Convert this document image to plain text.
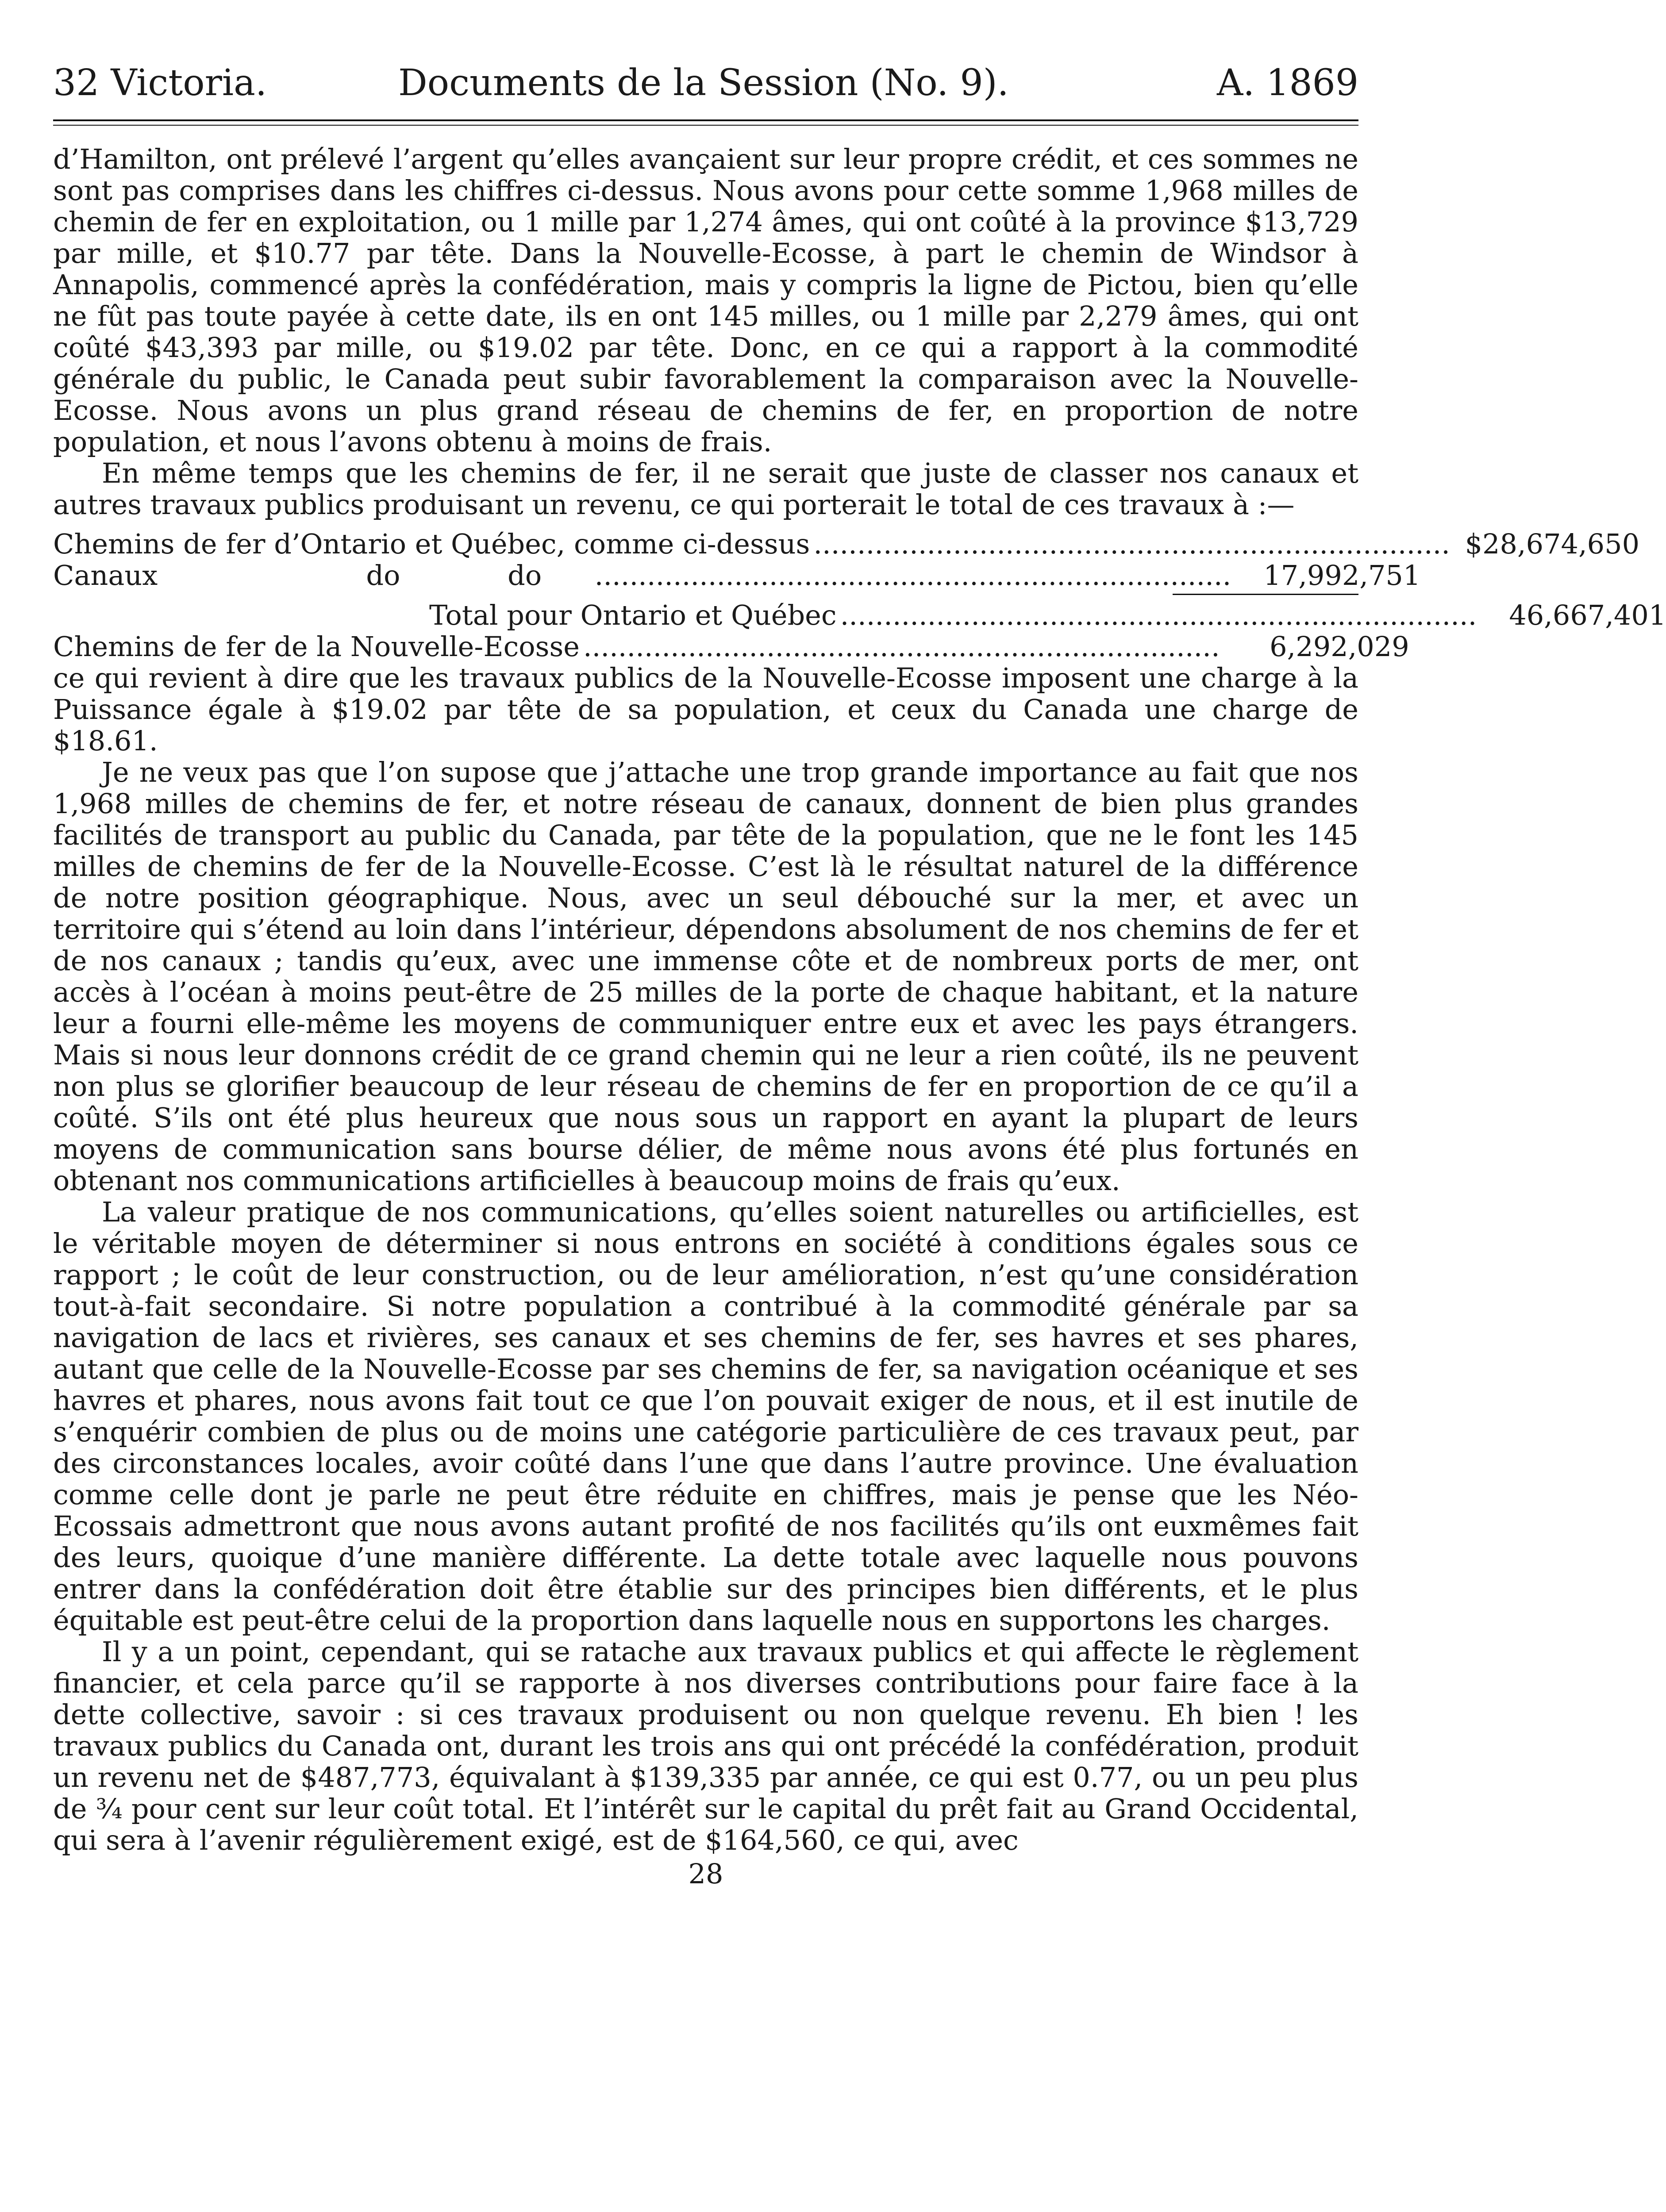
32 Victoria.	Documents de la Session (No. 9).	A. 1869

d’Hamilton, ont prélevé l’argent qu’elles avançaient sur leur propre crédit, et ces sommes ne sont pas comprises dans les chiffres ci-dessus. Nous avons pour cette somme 1,968 milles de chemin de fer en exploitation, ou 1 mille par 1,274 âmes, qui ont coûté à la province $13,729 par mille, et $10.77 par tête. Dans la Nouvelle-Ecosse, à part le chemin de Windsor à Annapolis, commencé après la confédération, mais y compris la ligne de Pictou, bien qu’elle ne fût pas toute payée à cette date, ils en ont 145 milles, ou 1 mille par 2,279 âmes, qui ont coûté $43,393 par mille, ou $19.02 par tête. Donc, en ce qui a rapport à la commodité générale du public, le Canada peut subir favorablement la comparaison avec la Nouvelle-Ecosse. Nous avons un plus grand réseau de chemins de fer, en proportion de notre population, et nous l’avons obtenu à moins de frais.

En même temps que les chemins de fer, il ne serait que juste de classer nos canaux et autres travaux publics produisant un revenu, ce qui porterait le total de ces travaux à :—

Chemins de fer d’Ontario et Québec, comme ci-dessus ......................................................................... $28,674,650
Canaux	do	do	.........................................................................	17,992,751
Total pour Ontario et Québec .........................................................................	46,667,401
Chemins de fer de la Nouvelle-Ecosse .........................................................................	6,292,029

ce qui revient à dire que les travaux publics de la Nouvelle-Ecosse imposent une charge à la Puissance égale à $19.02 par tête de sa population, et ceux du Canada une charge de $18.61.

Je ne veux pas que l’on supose que j’attache une trop grande importance au fait que nos 1,968 milles de chemins de fer, et notre réseau de canaux, donnent de bien plus grandes facilités de transport au public du Canada, par tête de la population, que ne le font les 145 milles de chemins de fer de la Nouvelle-Ecosse. C’est là le résultat naturel de la différence de notre position géographique. Nous, avec un seul débouché sur la mer, et avec un territoire qui s’étend au loin dans l’intérieur, dépendons absolument de nos chemins de fer et de nos canaux ; tandis qu’eux, avec une immense côte et de nombreux ports de mer, ont accès à l’océan à moins peut-être de 25 milles de la porte de chaque habitant, et la nature leur a fourni elle-même les moyens de communiquer entre eux et avec les pays étrangers. Mais si nous leur donnons crédit de ce grand chemin qui ne leur a rien coûté, ils ne peuvent non plus se glorifier beaucoup de leur réseau de chemins de fer en proportion de ce qu’il a coûté. S’ils ont été plus heureux que nous sous un rapport en ayant la plupart de leurs moyens de communication sans bourse délier, de même nous avons été plus fortunés en obtenant nos communications artificielles à beaucoup moins de frais qu’eux.

La valeur pratique de nos communications, qu’elles soient naturelles ou artificielles, est le véritable moyen de déterminer si nous entrons en société à conditions égales sous ce rapport ; le coût de leur construction, ou de leur amélioration, n’est qu’une considération tout-à-fait secondaire. Si notre population a contribué à la commodité générale par sa navigation de lacs et rivières, ses canaux et ses chemins de fer, ses havres et ses phares, autant que celle de la Nouvelle-Ecosse par ses chemins de fer, sa navigation océanique et ses havres et phares, nous avons fait tout ce que l’on pouvait exiger de nous, et il est inutile de s’enquérir combien de plus ou de moins une catégorie particulière de ces travaux peut, par des circonstances locales, avoir coûté dans l’une que dans l’autre province. Une évaluation comme celle dont je parle ne peut être réduite en chiffres, mais je pense que les Néo-Ecossais admettront que nous avons autant profité de nos facilités qu’ils ont euxmêmes fait des leurs, quoique d’une manière différente. La dette totale avec laquelle nous pouvons entrer dans la confédération doit être établie sur des principes bien différents, et le plus équitable est peut-être celui de la proportion dans laquelle nous en supportons les charges.

Il y a un point, cependant, qui se ratache aux travaux publics et qui affecte le règlement financier, et cela parce qu’il se rapporte à nos diverses contributions pour faire face à la dette collective, savoir : si ces travaux produisent ou non quelque revenu. Eh bien ! les travaux publics du Canada ont, durant les trois ans qui ont précédé la confédération, produit un revenu net de $487,773, équivalant à $139,335 par année, ce qui est 0.77, ou un peu plus de ¾ pour cent sur leur coût total. Et l’intérêt sur le capital du prêt fait au Grand Occidental, qui sera à l’avenir régulièrement exigé, est de $164,560, ce qui, avec

28
